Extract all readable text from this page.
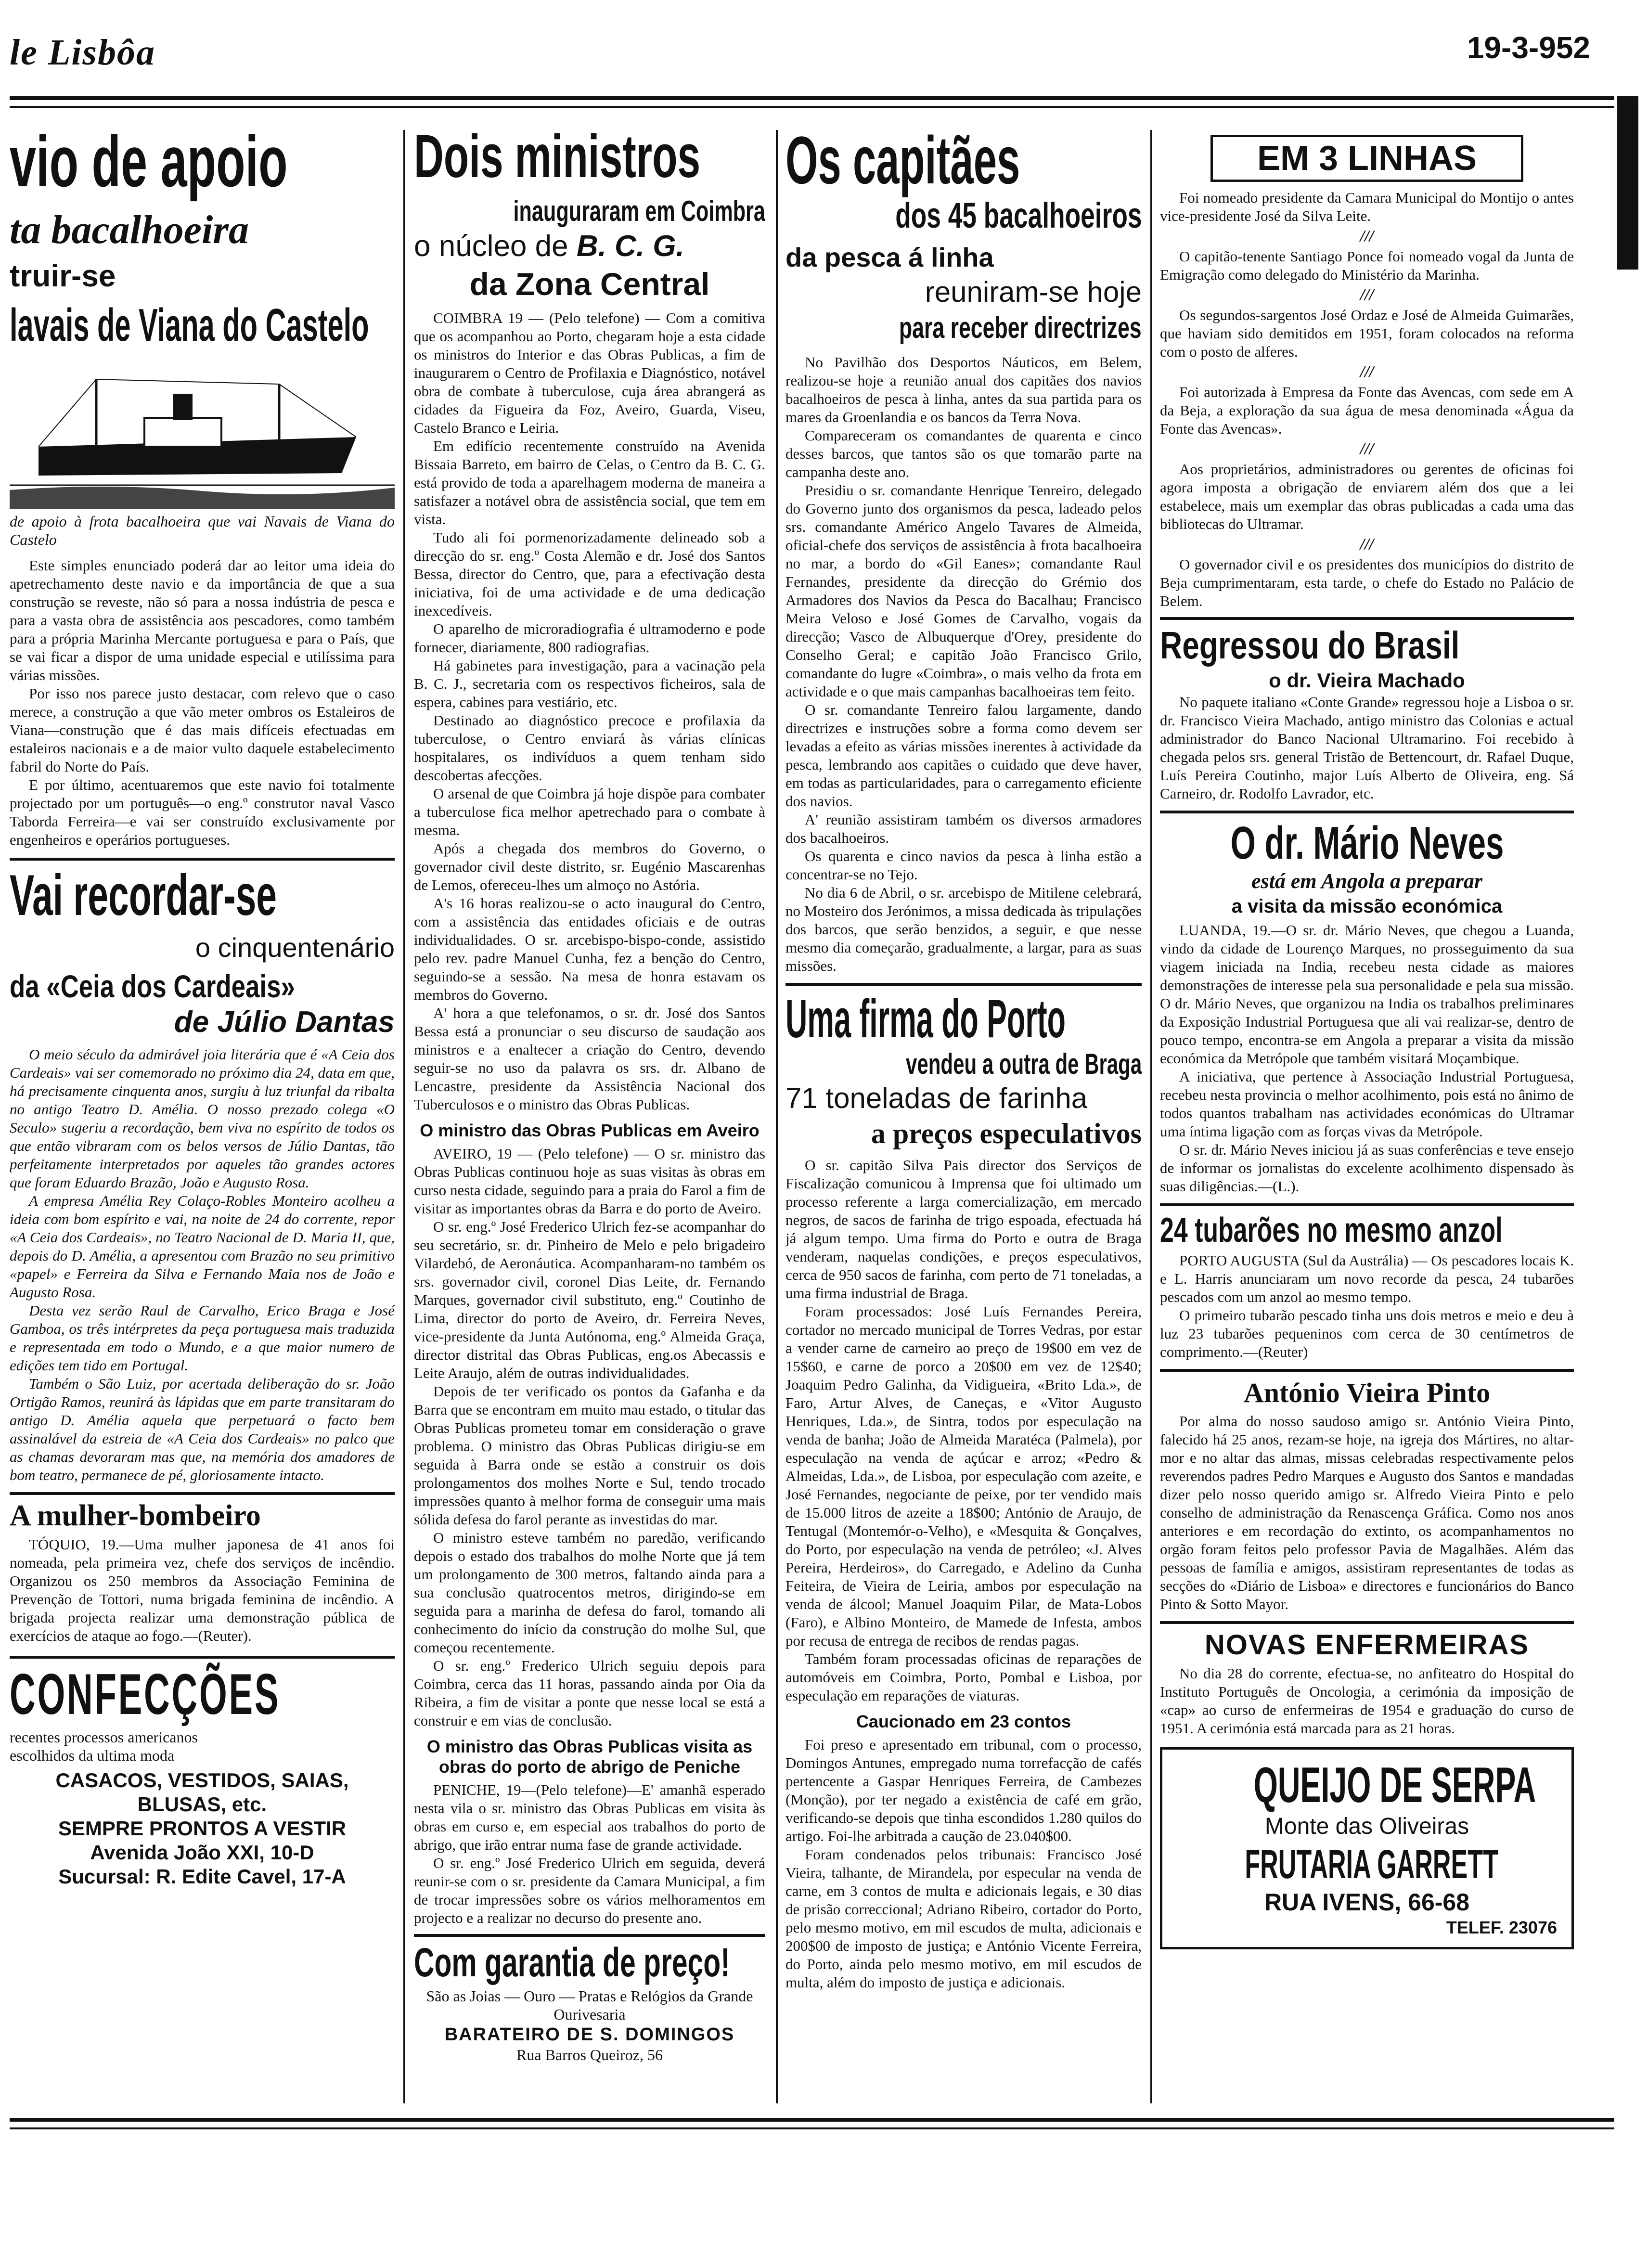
le Lisbôa	19-3-952
vio de apoio
ta bacalhoeira
truir-se
lavais de Viana do Castelo
de apoio à frota bacalhoeira que vai Navais de Viana do Castelo

Este simples enunciado poderá dar ao leitor uma ideia do apetrechamento deste navio e da importância de que a sua construção se reveste, não só para a nossa indústria de pesca e para a vasta obra de assistência aos pescadores, como também para a própria Marinha Mercante portuguesa e para o País, que se vai ficar a dispor de uma unidade especial e utilíssima para várias missões.

Por isso nos parece justo destacar, com relevo que o caso merece, a construção a que vão meter ombros os Estaleiros de Viana—construção que é das mais difíceis efectuadas em estaleiros nacionais e a de maior vulto daquele estabelecimento fabril do Norte do País.

E por último, acentuaremos que este navio foi totalmente projectado por um português—o eng.º construtor naval Vasco Taborda Ferreira—e vai ser construído exclusivamente por engenheiros e operários portugueses.

Vai recordar-se
o cinquentenário
da «Ceia dos Cardeais»
de Júlio Dantas

O meio século da admirável joia literária que é «A Ceia dos Cardeais» vai ser comemorado no próximo dia 24, data em que, há precisamente cinquenta anos, surgiu à luz triunfal da ribalta no antigo Teatro D. Amélia. O nosso prezado colega «O Seculo» sugeriu a recordação, bem viva no espírito de todos os que então vibraram com os belos versos de Júlio Dantas, tão perfeitamente interpretados por aqueles tão grandes actores que foram Eduardo Brazão, João e Augusto Rosa.

A empresa Amélia Rey Colaço-Robles Monteiro acolheu a ideia com bom espírito e vai, na noite de 24 do corrente, repor «A Ceia dos Cardeais», no Teatro Nacional de D. Maria II, que, depois do D. Amélia, a apresentou com Brazão no seu primitivo «papel» e Ferreira da Silva e Fernando Maia nos de João e Augusto Rosa.

Desta vez serão Raul de Carvalho, Erico Braga e José Gamboa, os três intérpretes da peça portuguesa mais traduzida e representada em todo o Mundo, e a que maior numero de edições tem tido em Portugal.

Também o São Luiz, por acertada deliberação do sr. João Ortigão Ramos, reunirá às lápidas que em parte transitaram do antigo D. Amélia aquela que perpetuará o facto bem assinalável da estreia de «A Ceia dos Cardeais» no palco que as chamas devoraram mas que, na memória dos amadores de bom teatro, permanece de pé, gloriosamente intacto.

A mulher-bombeiro

TÓQUIO, 19.—Uma mulher japonesa de 41 anos foi nomeada, pela primeira vez, chefe dos serviços de incêndio. Organizou os 250 membros da Associação Feminina de Prevenção de Tottori, numa brigada feminina de incêndio. A brigada projecta realizar uma demonstração pública de exercícios de ataque ao fogo.—(Reuter).

CONFECÇÕES
recentes processos americanos
escolhidos da ultima moda
CASACOS, VESTIDOS, SAIAS,
BLUSAS, etc.
SEMPRE PRONTOS A VESTIR
Avenida João XXI, 10-D
Sucursal: R. Edite Cavel, 17-A
Dois ministros
inauguraram em Coimbra
o núcleo de B. C. G.
da Zona Central

COIMBRA 19 — (Pelo telefone) — Com a comitiva que os acompanhou ao Porto, chegaram hoje a esta cidade os ministros do Interior e das Obras Publicas, a fim de inaugurarem o Centro de Profilaxia e Diagnóstico, notável obra de combate à tuberculose, cuja área abrangerá as cidades da Figueira da Foz, Aveiro, Guarda, Viseu, Castelo Branco e Leiria.

Em edifício recentemente construído na Avenida Bissaia Barreto, em bairro de Celas, o Centro da B. C. G. está provido de toda a aparelhagem moderna de maneira a satisfazer a notável obra de assistência social, que tem em vista.

Tudo ali foi pormenorizadamente delineado sob a direcção do sr. eng.º Costa Alemão e dr. José dos Santos Bessa, director do Centro, que, para a efectivação desta iniciativa, foi de uma actividade e de uma dedicação inexcedíveis.

O aparelho de microradiografia é ultramoderno e pode fornecer, diariamente, 800 radiografias.

Há gabinetes para investigação, para a vacinação pela B. C. J., secretaria com os respectivos ficheiros, sala de espera, cabines para vestiário, etc.

Destinado ao diagnóstico precoce e profilaxia da tuberculose, o Centro enviará às várias clínicas hospitalares, os indivíduos a quem tenham sido descobertas afecções.

O arsenal de que Coimbra já hoje dispõe para combater a tuberculose fica melhor apetrechado para o combate à mesma.

Após a chegada dos membros do Governo, o governador civil deste distrito, sr. Eugénio Mascarenhas de Lemos, ofereceu-lhes um almoço no Astória.

A's 16 horas realizou-se o acto inaugural do Centro, com a assistência das entidades oficiais e de outras individualidades. O sr. arcebispo-bispo-conde, assistido pelo rev. padre Manuel Cunha, fez a benção do Centro, seguindo-se a sessão. Na mesa de honra estavam os membros do Governo.

A' hora a que telefonamos, o sr. dr. José dos Santos Bessa está a pronunciar o seu discurso de saudação aos ministros e a enaltecer a criação do Centro, devendo seguir-se no uso da palavra os srs. dr. Albano de Lencastre, presidente da Assistência Nacional dos Tuberculosos e o ministro das Obras Publicas.

O ministro das Obras Publicas em Aveiro

AVEIRO, 19 — (Pelo telefone) — O sr. ministro das Obras Publicas continuou hoje as suas visitas às obras em curso nesta cidade, seguindo para a praia do Farol a fim de visitar as importantes obras da Barra e do porto de Aveiro.

O sr. eng.º José Frederico Ulrich fez-se acompanhar do seu secretário, sr. dr. Pinheiro de Melo e pelo brigadeiro Vilardebó, de Aeronáutica. Acompanharam-no também os srs. governador civil, coronel Dias Leite, dr. Fernando Marques, governador civil substituto, eng.º Coutinho de Lima, director do porto de Aveiro, dr. Ferreira Neves, vice-presidente da Junta Autónoma, eng.º Almeida Graça, director distrital das Obras Publicas, eng.os Abecassis e Leite Araujo, além de outras individualidades.

Depois de ter verificado os pontos da Gafanha e da Barra que se encontram em muito mau estado, o titular das Obras Publicas prometeu tomar em consideração o grave problema. O ministro das Obras Publicas dirigiu-se em seguida à Barra onde se estão a construir os dois prolongamentos dos molhes Norte e Sul, tendo trocado impressões quanto à melhor forma de conseguir uma mais sólida defesa do farol perante as investidas do mar.

O ministro esteve também no paredão, verificando depois o estado dos trabalhos do molhe Norte que já tem um prolongamento de 300 metros, faltando ainda para a sua conclusão quatrocentos metros, dirigindo-se em seguida para a marinha de defesa do farol, tomando ali conhecimento do início da construção do molhe Sul, que começou recentemente.

O sr. eng.º Frederico Ulrich seguiu depois para Coimbra, cerca das 11 horas, passando ainda por Oia da Ribeira, a fim de visitar a ponte que nesse local se está a construir e em vias de conclusão.

O ministro das Obras Publicas visita as obras do porto de abrigo de Peniche

PENICHE, 19—(Pelo telefone)—E' amanhã esperado nesta vila o sr. ministro das Obras Publicas em visita às obras em curso e, em especial aos trabalhos do porto de abrigo, que irão entrar numa fase de grande actividade.

O sr. eng.º José Frederico Ulrich em seguida, deverá reunir-se com o sr. presidente da Camara Municipal, a fim de trocar impressões sobre os vários melhoramentos em projecto e a realizar no decurso do presente ano.

Com garantia de preço!
São as Joias — Ouro — Pratas e Relógios da Grande Ourivesaria
BARATEIRO DE S. DOMINGOS
Rua Barros Queiroz, 56
Os capitães
dos 45 bacalhoeiros
da pesca á linha
reuniram-se hoje
para receber directrizes

No Pavilhão dos Desportos Náuticos, em Belem, realizou-se hoje a reunião anual dos capitães dos navios bacalhoeiros de pesca à linha, antes da sua partida para os mares da Groenlandia e os bancos da Terra Nova.

Compareceram os comandantes de quarenta e cinco desses barcos, que tantos são os que tomarão parte na campanha deste ano.

Presidiu o sr. comandante Henrique Tenreiro, delegado do Governo junto dos organismos da pesca, ladeado pelos srs. comandante Américo Angelo Tavares de Almeida, oficial-chefe dos serviços de assistência à frota bacalhoeira no mar, a bordo do «Gil Eanes»; comandante Raul Fernandes, presidente da direcção do Grémio dos Armadores dos Navios da Pesca do Bacalhau; Francisco Meira Veloso e José Gomes de Carvalho, vogais da direcção; Vasco de Albuquerque d'Orey, presidente do Conselho Geral; e capitão João Francisco Grilo, comandante do lugre «Coimbra», o mais velho da frota em actividade e o que mais campanhas bacalhoeiras tem feito.

O sr. comandante Tenreiro falou largamente, dando directrizes e instruções sobre a forma como devem ser levadas a efeito as várias missões inerentes à actividade da pesca, lembrando aos capitães o cuidado que deve haver, em todas as particularidades, para o carregamento eficiente dos navios.

A' reunião assistiram também os diversos armadores dos bacalhoeiros.

Os quarenta e cinco navios da pesca à linha estão a concentrar-se no Tejo.

No dia 6 de Abril, o sr. arcebispo de Mitilene celebrará, no Mosteiro dos Jerónimos, a missa dedicada às tripulações dos barcos, que serão benzidos, a seguir, e que nesse mesmo dia começarão, gradualmente, a largar, para as suas missões.

Uma firma do Porto
vendeu a outra de Braga
71 toneladas de farinha
a preços especulativos

O sr. capitão Silva Pais director dos Serviços de Fiscalização comunicou à Imprensa que foi ultimado um processo referente a larga comercialização, em mercado negros, de sacos de farinha de trigo espoada, efectuada há já algum tempo. Uma firma do Porto e outra de Braga venderam, naquelas condições, e preços especulativos, cerca de 950 sacos de farinha, com perto de 71 toneladas, a uma firma industrial de Braga.

Foram processados: José Luís Fernandes Pereira, cortador no mercado municipal de Torres Vedras, por estar a vender carne de carneiro ao preço de 19$00 em vez de 15$60, e carne de porco a 20$00 em vez de 12$40; Joaquim Pedro Galinha, da Vidigueira, «Brito Lda.», de Faro, Artur Alves, de Caneças, e «Vitor Augusto Henriques, Lda.», de Sintra, todos por especulação na venda de banha; João de Almeida Maratéca (Palmela), por especulação na venda de açúcar e arroz; «Pedro & Almeidas, Lda.», de Lisboa, por especulação com azeite, e José Fernandes, negociante de peixe, por ter vendido mais de 15.000 litros de azeite a 18$00; António de Araujo, de Tentugal (Montemór-o-Velho), e «Mesquita & Gonçalves, do Porto, por especulação na venda de petróleo; «J. Alves Pereira, Herdeiros», do Carregado, e Adelino da Cunha Feiteira, de Vieira de Leiria, ambos por especulação na venda de álcool; Manuel Joaquim Pilar, de Mata-Lobos (Faro), e Albino Monteiro, de Mamede de Infesta, ambos por recusa de entrega de recibos de rendas pagas.

Também foram processadas oficinas de reparações de automóveis em Coimbra, Porto, Pombal e Lisboa, por especulação em reparações de viaturas.

Caucionado em 23 contos

Foi preso e apresentado em tribunal, com o processo, Domingos Antunes, empregado numa torrefacção de cafés pertencente a Gaspar Henriques Ferreira, de Cambezes (Monção), por ter negado a existência de café em grão, verificando-se depois que tinha escondidos 1.280 quilos do artigo. Foi-lhe arbitrada a caução de 23.040$00.

Foram condenados pelos tribunais: Francisco José Vieira, talhante, de Mirandela, por especular na venda de carne, em 3 contos de multa e adicionais legais, e 30 dias de prisão correccional; Adriano Ribeiro, cortador do Porto, pelo mesmo motivo, em mil escudos de multa, adicionais e 200$00 de imposto de justiça; e António Vicente Ferreira, do Porto, ainda pelo mesmo motivo, em mil escudos de multa, além do imposto de justiça e adicionais.

EM 3 LINHAS

Foi nomeado presidente da Camara Municipal do Montijo o antes vice-presidente José da Silva Leite.

///

O capitão-tenente Santiago Ponce foi nomeado vogal da Junta de Emigração como delegado do Ministério da Marinha.

///

Os segundos-sargentos José Ordaz e José de Almeida Guimarães, que haviam sido demitidos em 1951, foram colocados na reforma com o posto de alferes.

///

Foi autorizada à Empresa da Fonte das Avencas, com sede em A da Beja, a exploração da sua água de mesa denominada «Água da Fonte das Avencas».

///

Aos proprietários, administradores ou gerentes de oficinas foi agora imposta a obrigação de enviarem além dos que a lei estabelece, mais um exemplar das obras publicadas a cada uma das bibliotecas do Ultramar.

///

O governador civil e os presidentes dos municípios do distrito de Beja cumprimentaram, esta tarde, o chefe do Estado no Palácio de Belem.

Regressou do Brasil
o dr. Vieira Machado

No paquete italiano «Conte Grande» regressou hoje a Lisboa o sr. dr. Francisco Vieira Machado, antigo ministro das Colonias e actual administrador do Banco Nacional Ultramarino. Foi recebido à chegada pelos srs. general Tristão de Bettencourt, dr. Rafael Duque, Luís Pereira Coutinho, major Luís Alberto de Oliveira, eng. Sá Carneiro, dr. Rodolfo Lavrador, etc.

O dr. Mário Neves
está em Angola a preparar
a visita da missão económica

LUANDA, 19.—O sr. dr. Mário Neves, que chegou a Luanda, vindo da cidade de Lourenço Marques, no prosseguimento da sua viagem iniciada na India, recebeu nesta cidade as maiores demonstrações de interesse pela sua personalidade e pela sua missão. O dr. Mário Neves, que organizou na India os trabalhos preliminares da Exposição Industrial Portuguesa que ali vai realizar-se, dentro de pouco tempo, encontra-se em Angola a preparar a visita da missão económica da Metrópole que também visitará Moçambique.

A iniciativa, que pertence à Associação Industrial Portuguesa, recebeu nesta provincia o melhor acolhimento, pois está no ânimo de todos quantos trabalham nas actividades económicas do Ultramar uma íntima ligação com as forças vivas da Metrópole.

O sr. dr. Mário Neves iniciou já as suas conferências e teve ensejo de informar os jornalistas do excelente acolhimento dispensado às suas diligências.—(L.).

24 tubarões no mesmo anzol

PORTO AUGUSTA (Sul da Austrália) — Os pescadores locais K. e L. Harris anunciaram um novo recorde da pesca, 24 tubarões pescados com um anzol ao mesmo tempo.

O primeiro tubarão pescado tinha uns dois metros e meio e deu à luz 23 tubarões pequeninos com cerca de 30 centímetros de comprimento.—(Reuter)

António Vieira Pinto

Por alma do nosso saudoso amigo sr. António Vieira Pinto, falecido há 25 anos, rezam-se hoje, na igreja dos Mártires, no altar-mor e no altar das almas, missas celebradas respectivamente pelos reverendos padres Pedro Marques e Augusto dos Santos e mandadas dizer pelo nosso querido amigo sr. Alfredo Vieira Pinto e pelo conselho de administração da Renascença Gráfica. Como nos anos anteriores e em recordação do extinto, os acompanhamentos no orgão foram feitos pelo professor Pavia de Magalhães. Além das pessoas de família e amigos, assistiram representantes de todas as secções do «Diário de Lisboa» e directores e funcionários do Banco Pinto & Sotto Mayor.

NOVAS ENFERMEIRAS

No dia 28 do corrente, efectua-se, no anfiteatro do Hospital do Instituto Português de Oncologia, a cerimónia da imposição de «cap» ao curso de enfermeiras de 1954 e graduação do curso de 1951. A cerimónia está marcada para as 21 horas.

QUEIJO DE SERPA
Monte das Oliveiras
FRUTARIA GARRETT
RUA IVENS, 66-68
TELEF. 23076
